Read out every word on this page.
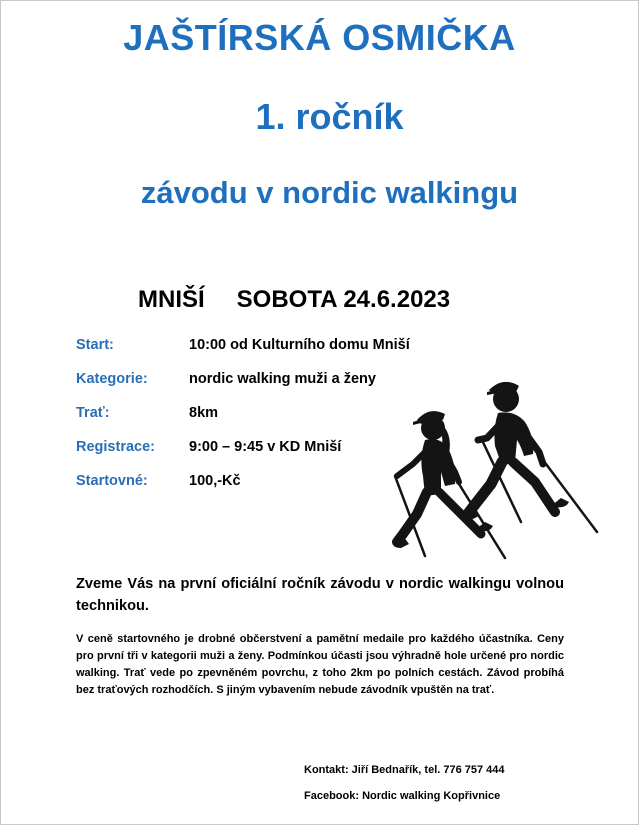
JAŠTÍRSKÁ OSMIČKA
1. ročník
závodu v nordic walkingu
MNIŠÍ SOBOTA 24.6.2023
Start:	10:00 od Kulturního domu Mniší
Kategorie:	nordic walking muži a ženy
Trať:	8km
Registrace: 9:00 – 9:45 v KD Mniší
Startovné:	100,-Kč
Zveme Vás na první oficiální ročník závodu v nordic walkingu volnou technikou.
V ceně startovného je drobné občerstvení a pamětní medaile pro každého účastníka. Ceny pro první tři v kategorii muži a ženy. Podmínkou účasti jsou výhradně hole určené pro nordic walking. Trať vede po zpevněném povrchu, z toho 2km po polních cestách. Závod probíhá bez traťových rozhodčích. S jiným vybavením nebude závodník vpuštěn na trať.
Kontakt: Jiří Bednařík, tel. 776 757 444
Facebook: Nordic walking Kopřivnice
